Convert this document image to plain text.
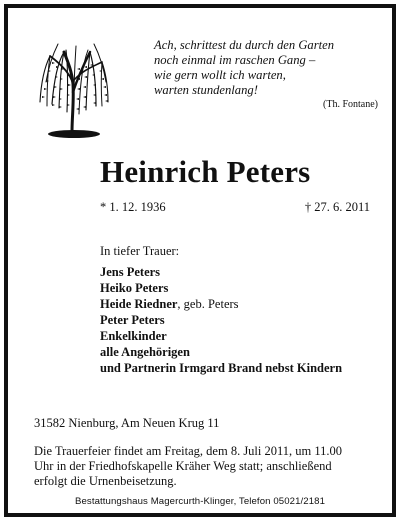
Ach, schrittest du durch den Garten
noch einmal im raschen Gang –
wie gern wollt ich warten,
warten stundenlang!
(Th. Fontane)
Heinrich Peters
* 1. 12. 1936	† 27. 6. 2011
In tiefer Trauer:
Jens Peters
Heiko Peters
Heide Riedner, geb. Peters
Peter Peters
Enkelkinder
alle Angehörigen
und Partnerin Irmgard Brand nebst Kindern
31582 Nienburg, Am Neuen Krug 11
Die Trauerfeier findet am Freitag, dem 8. Juli 2011, um 11.00
Uhr in der Friedhofskapelle Kräher Weg statt; anschließend
erfolgt die Urnenbeisetzung.
Bestattungshaus Magercurth-Klinger, Telefon 05021/2181
